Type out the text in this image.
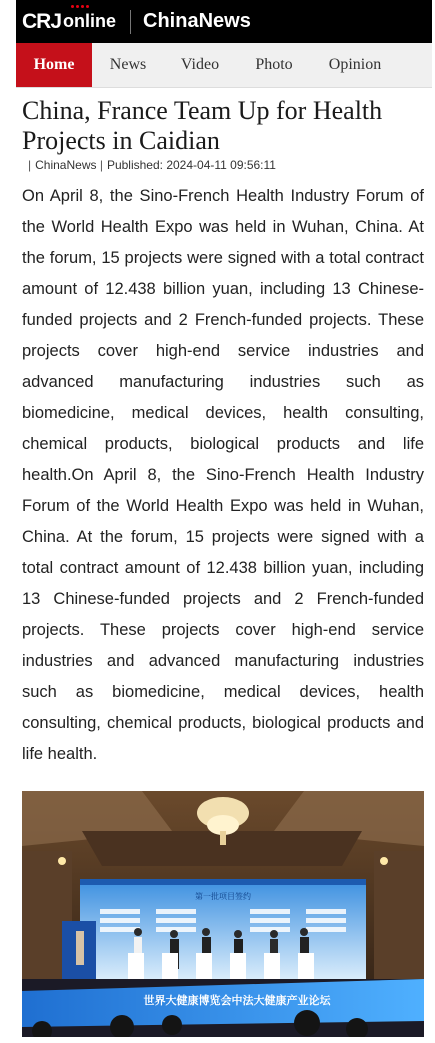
CRJ online ChinaNews
Home	News	Video	Photo	Opinion
China, France Team Up for Health Projects in Caidian
| ChinaNews | Published: 2024-04-11 09:56:11
On April 8, the Sino-French Health Industry Forum of the World Health Expo was held in Wuhan, China. At the forum, 15 projects were signed with a total contract amount of 12.438 billion yuan, including 13 Chinese-funded projects and 2 French-funded projects. These projects cover high-end service industries and advanced manufacturing industries such as biomedicine, medical devices, health consulting, chemical products, biological products and life health.On April 8, the Sino-French Health Industry Forum of the World Health Expo was held in Wuhan, China. At the forum, 15 projects were signed with a total contract amount of 12.438 billion yuan, including 13 Chinese-funded projects and 2 French-funded projects. These projects cover high-end service industries and advanced manufacturing industries such as biomedicine, medical devices, health consulting, chemical products, biological products and life health.
第一批项目签约
世界大健康博览会中法大健康产业论坛
